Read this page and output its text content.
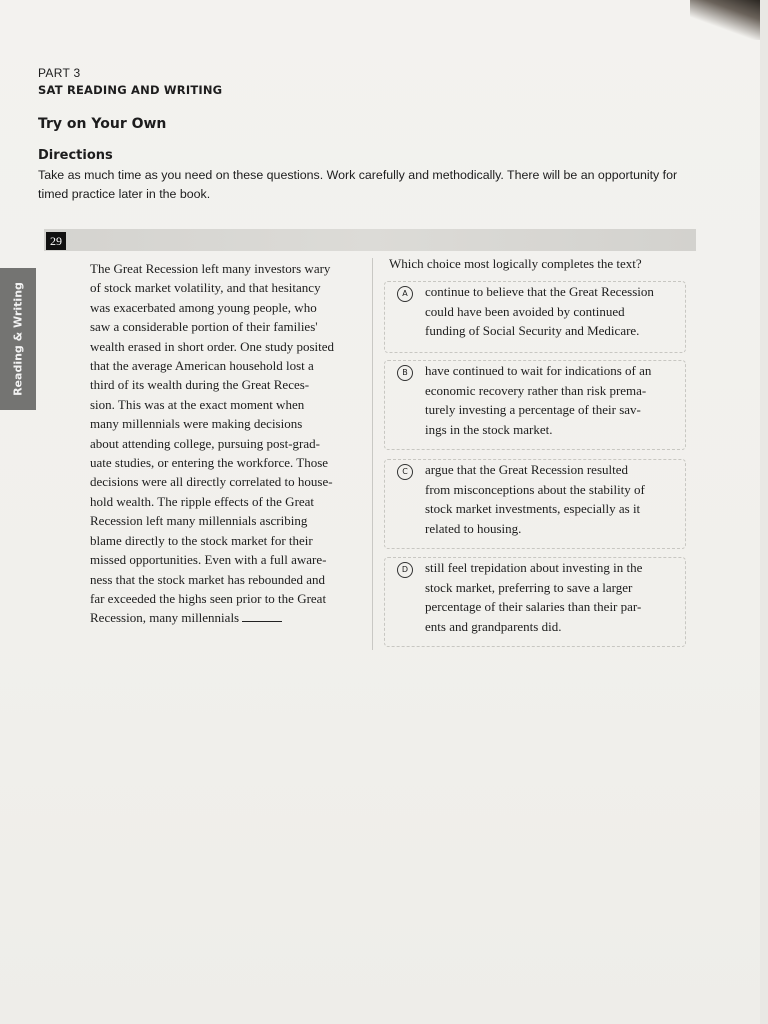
PART 3
SAT READING AND WRITING
Try on Your Own
Directions
Take as much time as you need on these questions. Work carefully and methodically. There will be an opportunity for timed practice later in the book.
29
Reading & Writing
The Great Recession left many investors wary
of stock market volatility, and that hesitancy
was exacerbated among young people, who
saw a considerable portion of their families'
wealth erased in short order. One study posited
that the average American household lost a
third of its wealth during the Great Reces-
sion. This was at the exact moment when
many millennials were making decisions
about attending college, pursuing post-grad-
uate studies, or entering the workforce. Those
decisions were all directly correlated to house-
hold wealth. The ripple effects of the Great
Recession left many millennials ascribing
blame directly to the stock market for their
missed opportunities. Even with a full aware-
ness that the stock market has rebounded and
far exceeded the highs seen prior to the Great
Recession, many millennials
Which choice most logically completes the text?
A	continue to believe that the Great Recession
could have been avoided by continued
funding of Social Security and Medicare.
B	have continued to wait for indications of an
economic recovery rather than risk prema-
turely investing a percentage of their sav-
ings in the stock market.
C	argue that the Great Recession resulted
from misconceptions about the stability of
stock market investments, especially as it
related to housing.
D	still feel trepidation about investing in the
stock market, preferring to save a larger
percentage of their salaries than their par-
ents and grandparents did.
